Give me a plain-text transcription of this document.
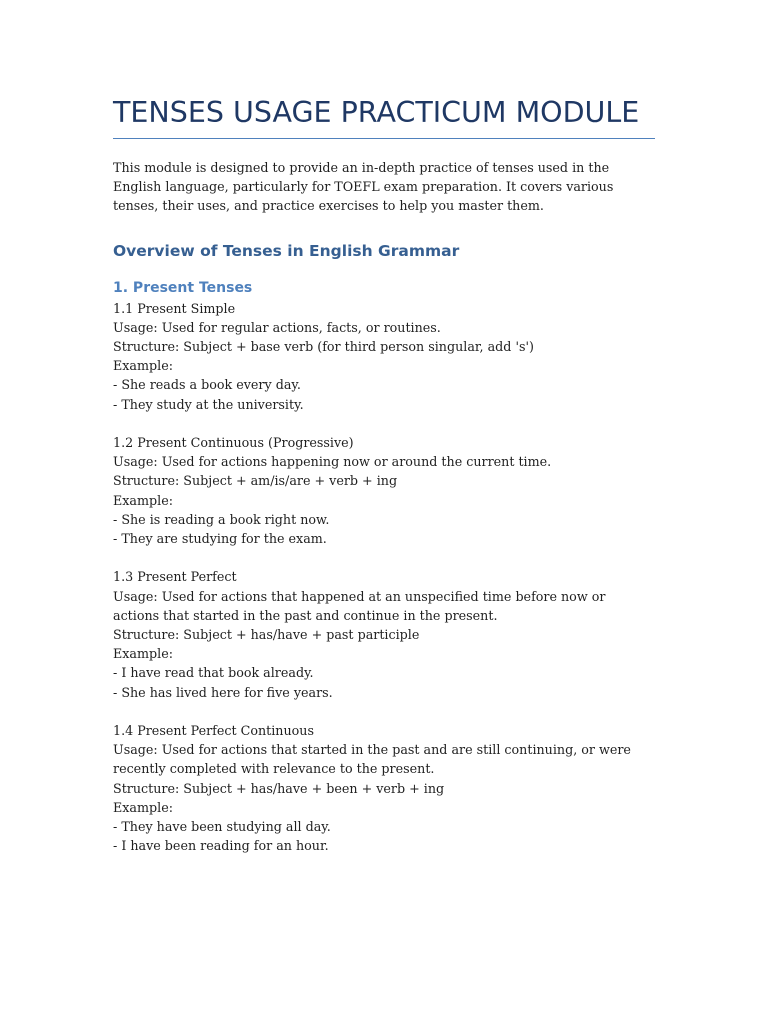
TENSES USAGE PRACTICUM MODULE

This module is designed to provide an in-depth practice of tenses used in the English language, particularly for TOEFL exam preparation. It covers various tenses, their uses, and practice exercises to help you master them.

Overview of Tenses in English Grammar
1. Present Tenses
1.1 Present Simple
Usage: Used for regular actions, facts, or routines.
Structure: Subject + base verb (for third person singular, add 's')
Example:
- She reads a book every day.
- They study at the university.
1.2 Present Continuous (Progressive)
Usage: Used for actions happening now or around the current time.
Structure: Subject + am/is/are + verb + ing
Example:
- She is reading a book right now.
- They are studying for the exam.
1.3 Present Perfect
Usage: Used for actions that happened at an unspecified time before now or actions that started in the past and continue in the present.
Structure: Subject + has/have + past participle
Example:
- I have read that book already.
- She has lived here for five years.
1.4 Present Perfect Continuous
Usage: Used for actions that started in the past and are still continuing, or were recently completed with relevance to the present.
Structure: Subject + has/have + been + verb + ing
Example:
- They have been studying all day.
- I have been reading for an hour.
